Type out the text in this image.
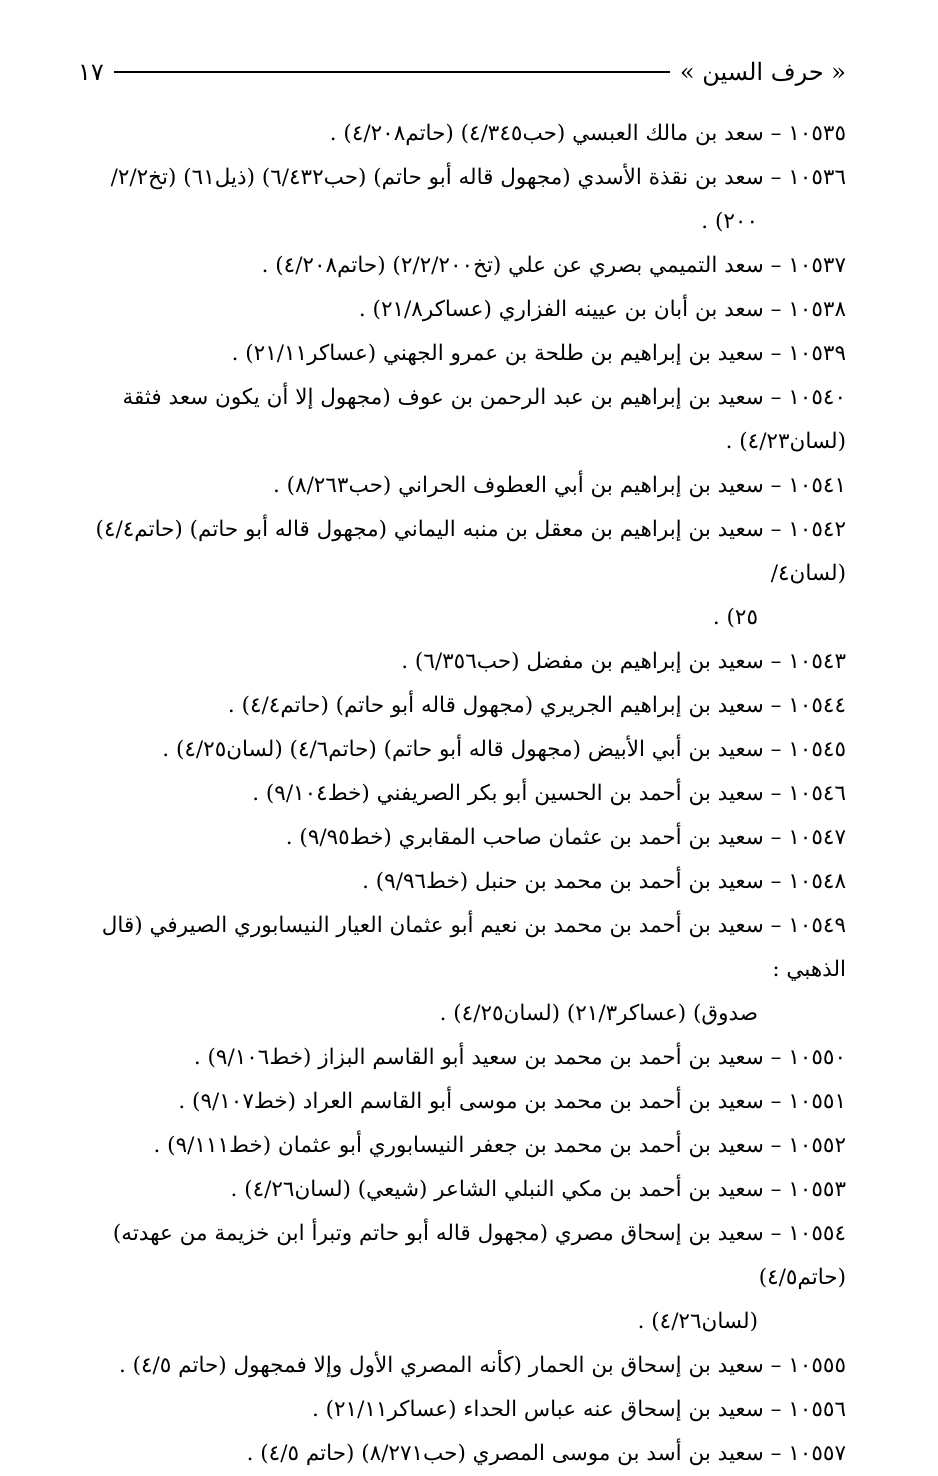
« حرف السين »
١٧
١٠٥٣٥ – سعد بن مالك العبسي (حب٤/٣٤٥) (حاتم٤/٢٠٨) .
١٠٥٣٦ – سعد بن نقذة الأسدي (مجهول قاله أبو حاتم) (حب٦/٤٣٢) (ذيل٦١) (تخ٢/٢/
٢٠٠) .
١٠٥٣٧ – سعد التميمي بصري عن علي (تخ٢/٢/٢٠٠) (حاتم٤/٢٠٨) .
١٠٥٣٨ – سعد بن أبان بن عيينه الفزاري (عساكر٢١/٨) .
١٠٥٣٩ – سعيد بن إبراهيم بن طلحة بن عمرو الجهني (عساكر٢١/١١) .
١٠٥٤٠ – سعيد بن إبراهيم بن عبد الرحمن بن عوف (مجهول إلا أن يكون سعد فثقة (لسان٤/٢٣) .
١٠٥٤١ – سعيد بن إبراهيم بن أبي العطوف الحراني (حب٨/٢٦٣) .
١٠٥٤٢ – سعيد بن إبراهيم بن معقل بن منبه اليماني (مجهول قاله أبو حاتم) (حاتم٤/٤) (لسان٤/
٢٥) .
١٠٥٤٣ – سعيد بن إبراهيم بن مفضل (حب٦/٣٥٦) .
١٠٥٤٤ – سعيد بن إبراهيم الجريري (مجهول قاله أبو حاتم) (حاتم٤/٤) .
١٠٥٤٥ – سعيد بن أبي الأبيض (مجهول قاله أبو حاتم) (حاتم٤/٦) (لسان٤/٢٥) .
١٠٥٤٦ – سعيد بن أحمد بن الحسين أبو بكر الصريفني (خط٩/١٠٤) .
١٠٥٤٧ – سعيد بن أحمد بن عثمان صاحب المقابري (خط٩/٩٥) .
١٠٥٤٨ – سعيد بن أحمد بن محمد بن حنبل (خط٩/٩٦) .
١٠٥٤٩ – سعيد بن أحمد بن محمد بن نعيم أبو عثمان العيار النيسابوري الصيرفي (قال الذهبي :
صدوق) (عساكر٢١/٣) (لسان٤/٢٥) .
١٠٥٥٠ – سعيد بن أحمد بن محمد بن سعيد أبو القاسم البزاز (خط٩/١٠٦) .
١٠٥٥١ – سعيد بن أحمد بن محمد بن موسى أبو القاسم العراد (خط٩/١٠٧) .
١٠٥٥٢ – سعيد بن أحمد بن محمد بن جعفر النيسابوري أبو عثمان (خط٩/١١١) .
١٠٥٥٣ – سعيد بن أحمد بن مكي النبلي الشاعر (شيعي) (لسان٤/٢٦) .
١٠٥٥٤ – سعيد بن إسحاق مصري (مجهول قاله أبو حاتم وتبرأ ابن خزيمة من عهدته) (حاتم٤/٥)
(لسان٤/٢٦) .
١٠٥٥٥ – سعيد بن إسحاق بن الحمار (كأنه المصري الأول وإلا فمجهول (حاتم ٤/٥) .
١٠٥٥٦ – سعيد بن إسحاق عنه عباس الحداء (عساكر٢١/١١) .
١٠٥٥٧ – سعيد بن أسد بن موسى المصري (حب٨/٢٧١) (حاتم ٤/٥) .
